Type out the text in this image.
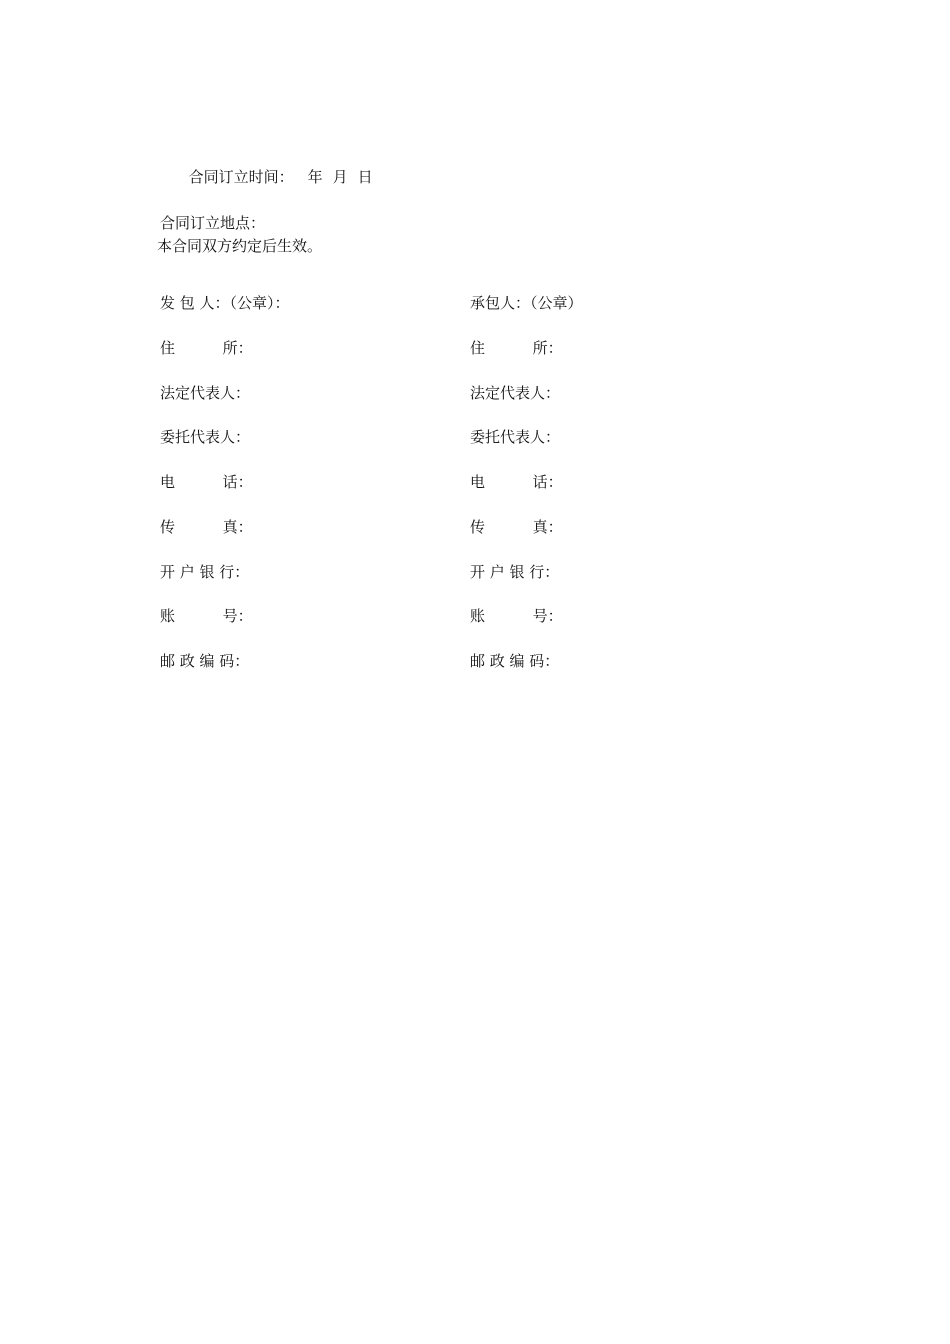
合同订立时间： 年 月 日

合同订立地点：
本合同双方约定后生效。
发 包 人：（公章）：
住          所：
法定代表人：
委托代表人：
电          话：
传          真：
开 户 银 行：
账          号：
邮 政 编 码：
承包人：（公章）
住          所：
法定代表人：
委托代表人：
电          话：
传          真：
开 户 银 行：
账          号：
邮 政 编 码：
